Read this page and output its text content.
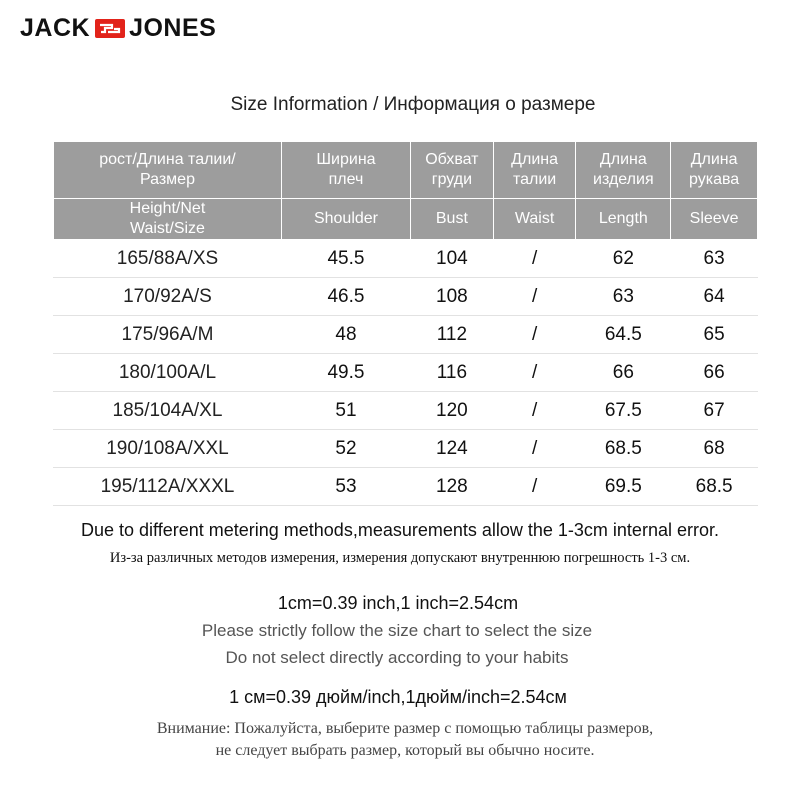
JACK JONES
Size Information / Информация о размере
рост/Длина талии/Размер	Ширина плеч	Обхват груди	Длина талии	Длина изделия	Длина рукава
Height/Net Waist/Size	Shoulder	Bust	Waist	Length	Sleeve
165/88A/XS	45.5	104	/	62	63
170/92A/S	46.5	108	/	63	64
175/96A/M	48	112	/	64.5	65
180/100A/L	49.5	116	/	66	66
185/104A/XL	51	120	/	67.5	67
190/108A/XXL	52	124	/	68.5	68
195/112A/XXXL	53	128	/	69.5	68.5
Due to different metering methods,measurements allow the 1-3cm internal error.
Из-за различных методов измерения, измерения допускают внутреннюю погрешность 1-3 см.
1cm=0.39 inch,1 inch=2.54cm
Please strictly follow the size chart to select the size
Do not select directly according to your habits
1 см=0.39 дюйм/inch,1дюйм/inch=2.54см
Внимание: Пожалуйста, выберите размер с помощью таблицы размеров,
не следует выбрать размер, который вы обычно носите.
